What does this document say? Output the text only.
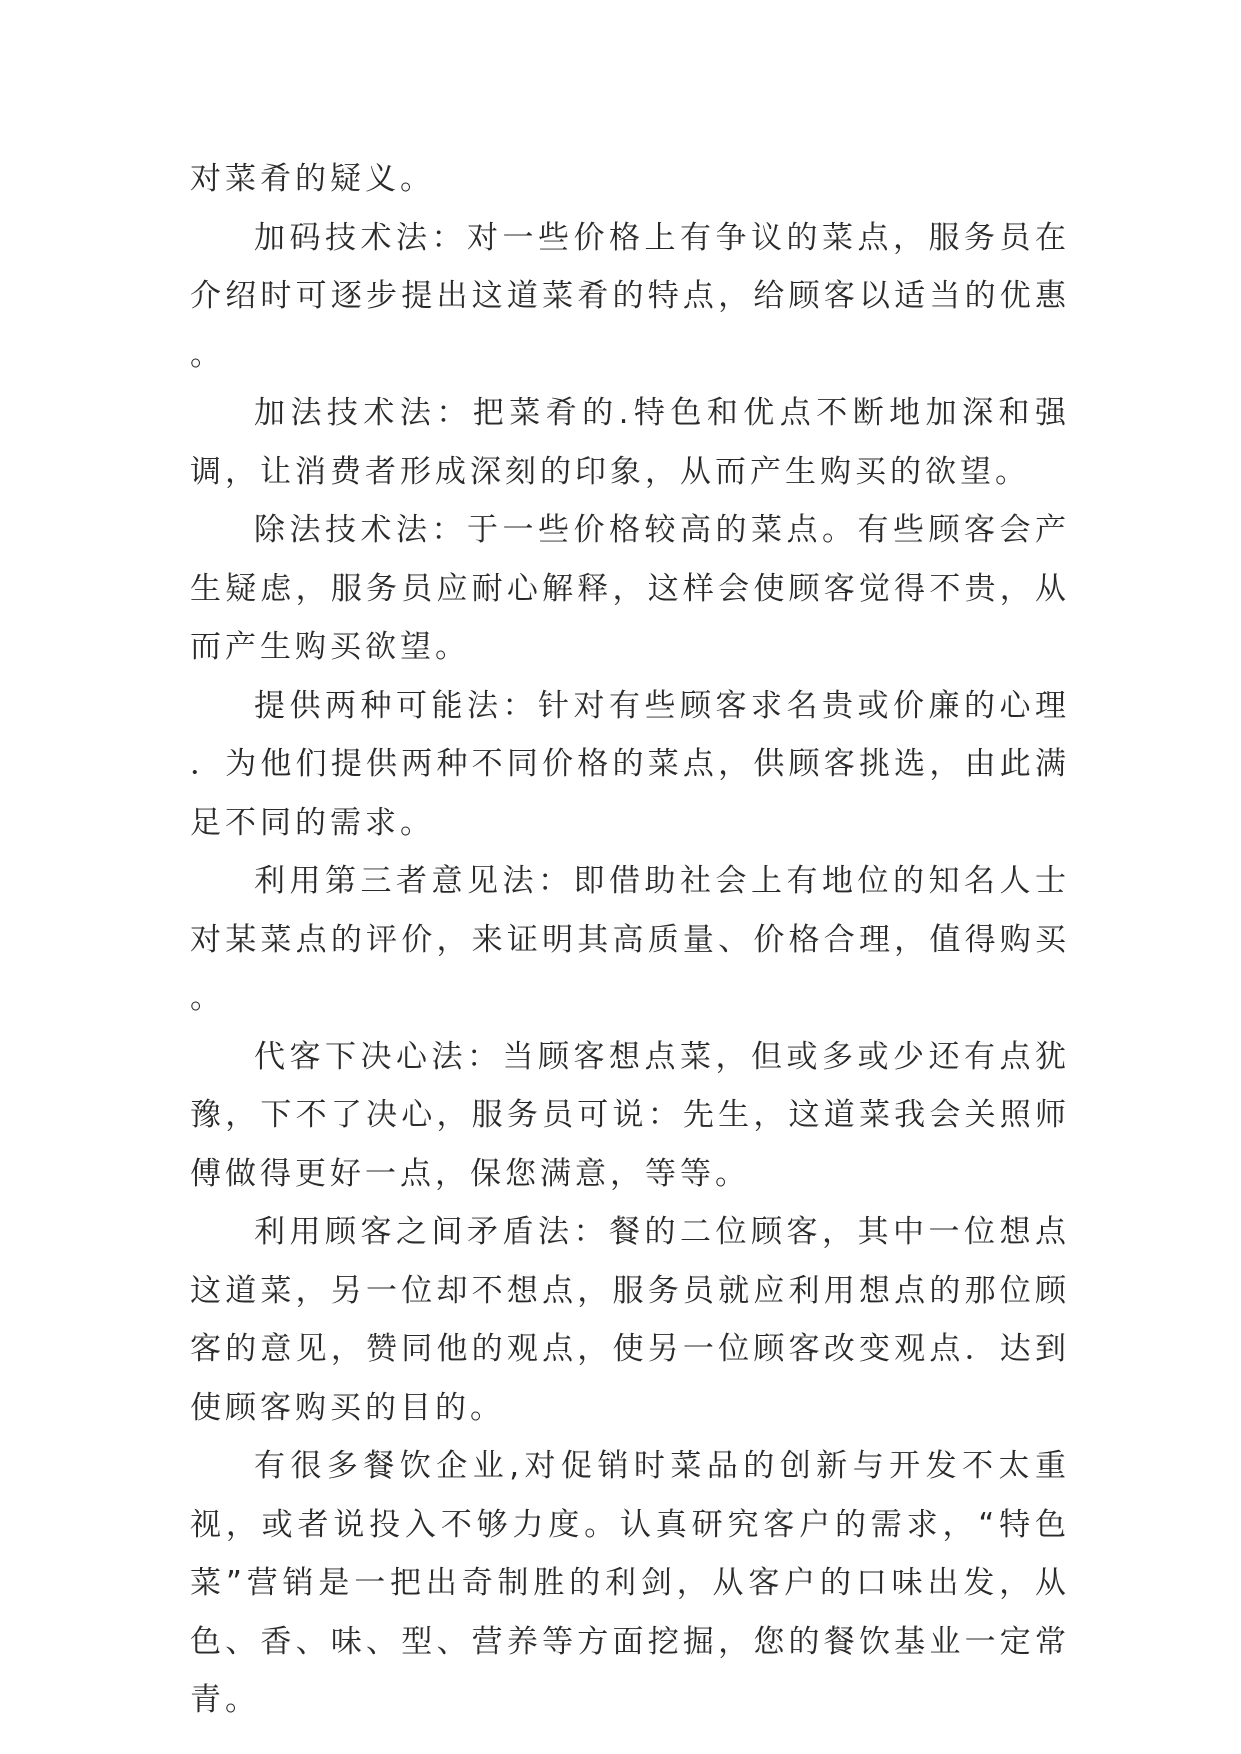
对菜肴的疑义。

加码技术法：对一些价格上有争议的菜点，服务员在介绍时可逐步提出这道菜肴的特点，给顾客以适当的优惠。

加法技术法：把菜肴的.特色和优点不断地加深和强调，让消费者形成深刻的印象，从而产生购买的欲望。

除法技术法：于一些价格较高的菜点。有些顾客会产生疑虑，服务员应耐心解释，这样会使顾客觉得不贵，从而产生购买欲望。

提供两种可能法：针对有些顾客求名贵或价廉的心理．为他们提供两种不同价格的菜点，供顾客挑选，由此满足不同的需求。

利用第三者意见法：即借助社会上有地位的知名人士对某菜点的评价，来证明其高质量、价格合理，值得购买。

代客下决心法：当顾客想点菜，但或多或少还有点犹豫，下不了决心，服务员可说：先生，这道菜我会关照师傅做得更好一点，保您满意，等等。

利用顾客之间矛盾法：餐的二位顾客，其中一位想点这道菜，另一位却不想点，服务员就应利用想点的那位顾客的意见，赞同他的观点，使另一位顾客改变观点．达到使顾客购买的目的。

有很多餐饮企业,对促销时菜品的创新与开发不太重视，或者说投入不够力度。认真研究客户的需求，“特色菜”营销是一把出奇制胜的利剑，从客户的口味出发，从色、香、味、型、营养等方面挖掘，您的餐饮基业一定常青。
